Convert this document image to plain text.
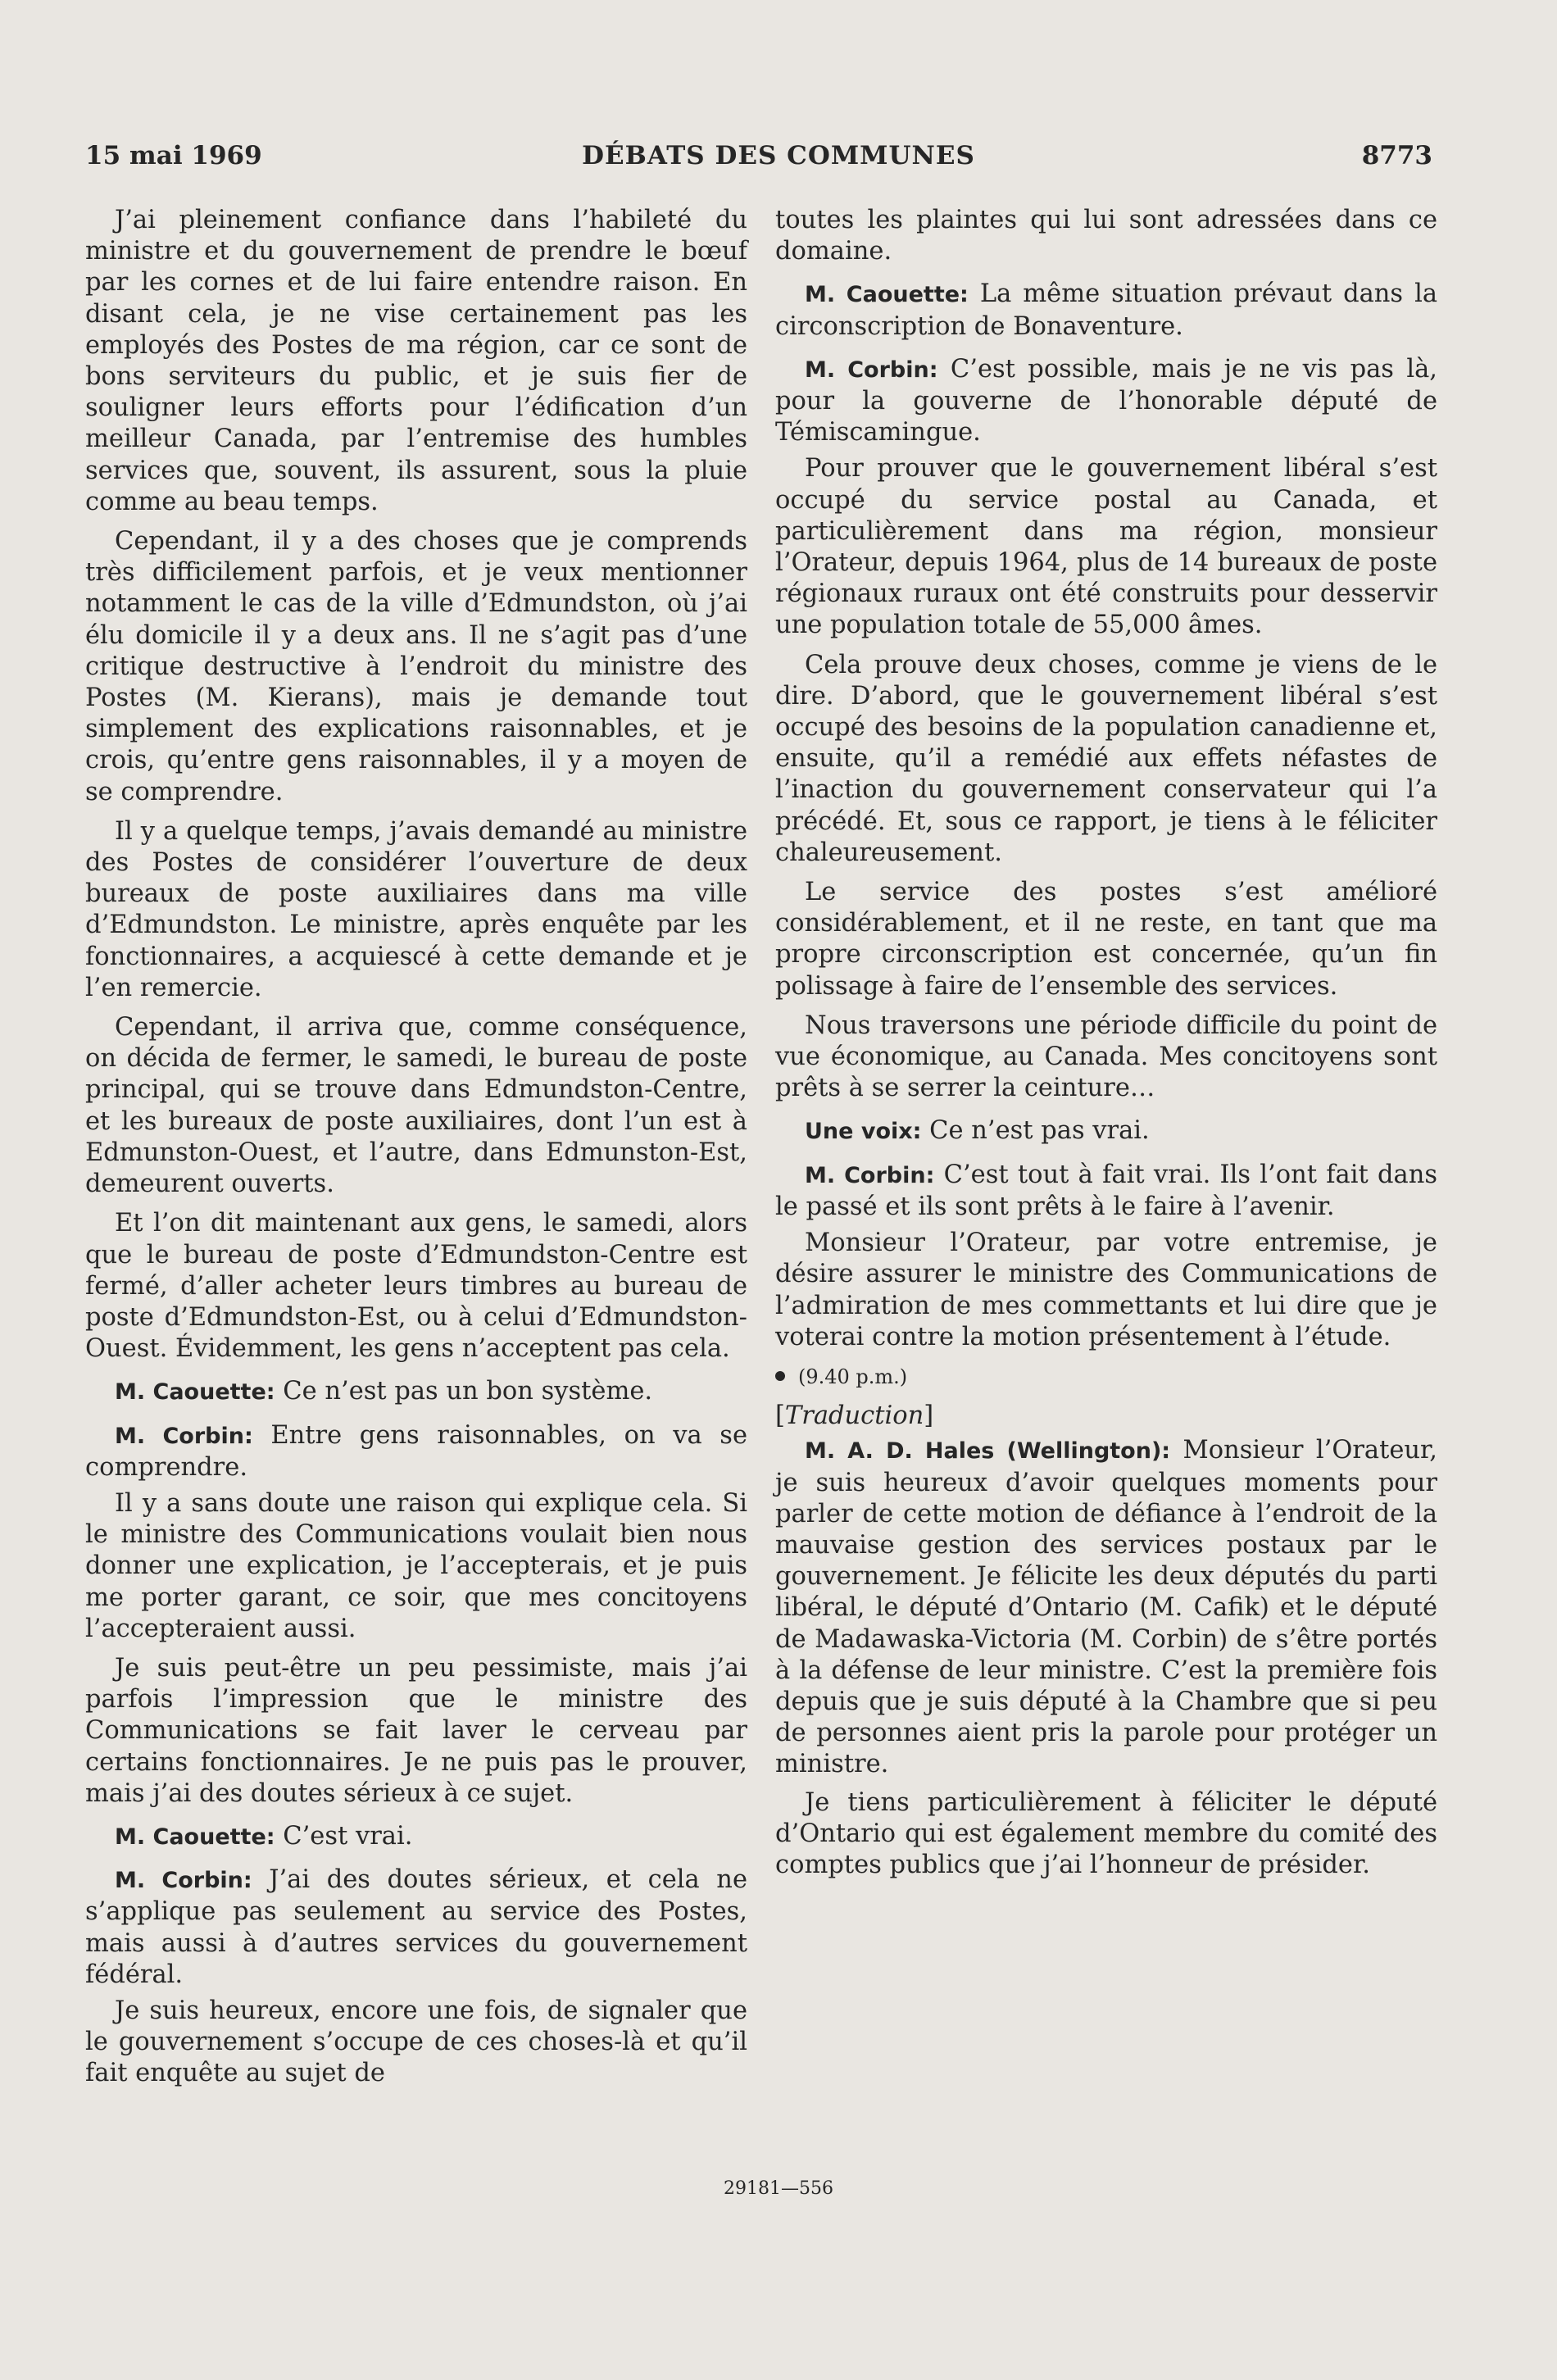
DÉBATS DES COMMUNES
15 mai 1969	8773

J’ai pleinement confiance dans l’habileté du ministre et du gouvernement de prendre le bœuf par les cornes et de lui faire entendre raison. En disant cela, je ne vise certainement pas les employés des Postes de ma région, car ce sont de bons serviteurs du public, et je suis fier de souligner leurs efforts pour l’édification d’un meilleur Canada, par l’entremise des humbles services que, souvent, ils assurent, sous la pluie comme au beau temps.

Cependant, il y a des choses que je comprends très difficilement parfois, et je veux mentionner notamment le cas de la ville d’Edmundston, où j’ai élu domicile il y a deux ans. Il ne s’agit pas d’une critique destructive à l’endroit du ministre des Postes (M. Kierans), mais je demande tout simplement des explications raisonnables, et je crois, qu’entre gens raisonnables, il y a moyen de se comprendre.

Il y a quelque temps, j’avais demandé au ministre des Postes de considérer l’ouverture de deux bureaux de poste auxiliaires dans ma ville d’Edmundston. Le ministre, après enquête par les fonctionnaires, a acquiescé à cette demande et je l’en remercie.

Cependant, il arriva que, comme conséquence, on décida de fermer, le samedi, le bureau de poste principal, qui se trouve dans Edmundston-Centre, et les bureaux de poste auxiliaires, dont l’un est à Edmunston-Ouest, et l’autre, dans Edmunston-Est, demeurent ouverts.

Et l’on dit maintenant aux gens, le samedi, alors que le bureau de poste d’Edmundston-Centre est fermé, d’aller acheter leurs timbres au bureau de poste d’Edmundston-Est, ou à celui d’Edmundston-Ouest. Évidemment, les gens n’acceptent pas cela.

M. Caouette: Ce n’est pas un bon système.

M. Corbin: Entre gens raisonnables, on va se comprendre.

Il y a sans doute une raison qui explique cela. Si le ministre des Communications voulait bien nous donner une explication, je l’accepterais, et je puis me porter garant, ce soir, que mes concitoyens l’accepteraient aussi.

Je suis peut-être un peu pessimiste, mais j’ai parfois l’impression que le ministre des Communications se fait laver le cerveau par certains fonctionnaires. Je ne puis pas le prouver, mais j’ai des doutes sérieux à ce sujet.

M. Caouette: C’est vrai.

M. Corbin: J’ai des doutes sérieux, et cela ne s’applique pas seulement au service des Postes, mais aussi à d’autres services du gouvernement fédéral.

Je suis heureux, encore une fois, de signaler que le gouvernement s’occupe de ces choses-là et qu’il fait enquête au sujet de

toutes les plaintes qui lui sont adressées dans ce domaine.

M. Caouette: La même situation prévaut dans la circonscription de Bonaventure.

M. Corbin: C’est possible, mais je ne vis pas là, pour la gouverne de l’honorable député de Témiscamingue.

Pour prouver que le gouvernement libéral s’est occupé du service postal au Canada, et particulièrement dans ma région, monsieur l’Orateur, depuis 1964, plus de 14 bureaux de poste régionaux ruraux ont été construits pour desservir une population totale de 55,000 âmes.

Cela prouve deux choses, comme je viens de le dire. D’abord, que le gouvernement libéral s’est occupé des besoins de la population canadienne et, ensuite, qu’il a remédié aux effets néfastes de l’inaction du gouvernement conservateur qui l’a précédé. Et, sous ce rapport, je tiens à le féliciter chaleureusement.

Le service des postes s’est amélioré considérablement, et il ne reste, en tant que ma propre circonscription est concernée, qu’un fin polissage à faire de l’ensemble des services.

Nous traversons une période difficile du point de vue économique, au Canada. Mes concitoyens sont prêts à se serrer la ceinture…

Une voix: Ce n’est pas vrai.

M. Corbin: C’est tout à fait vrai. Ils l’ont fait dans le passé et ils sont prêts à le faire à l’avenir.

Monsieur l’Orateur, par votre entremise, je désire assurer le ministre des Communications de l’admiration de mes commettants et lui dire que je voterai contre la motion présentement à l’étude.

(9.40 p.m.)

[Traduction]

M. A. D. Hales (Wellington): Monsieur l’Orateur, je suis heureux d’avoir quelques moments pour parler de cette motion de défiance à l’endroit de la mauvaise gestion des services postaux par le gouvernement. Je félicite les deux députés du parti libéral, le député d’Ontario (M. Cafik) et le député de Madawaska-Victoria (M. Corbin) de s’être portés à la défense de leur ministre. C’est la première fois depuis que je suis député à la Chambre que si peu de personnes aient pris la parole pour protéger un ministre.

Je tiens particulièrement à féliciter le député d’Ontario qui est également membre du comité des comptes publics que j’ai l’honneur de présider.

29181—556
